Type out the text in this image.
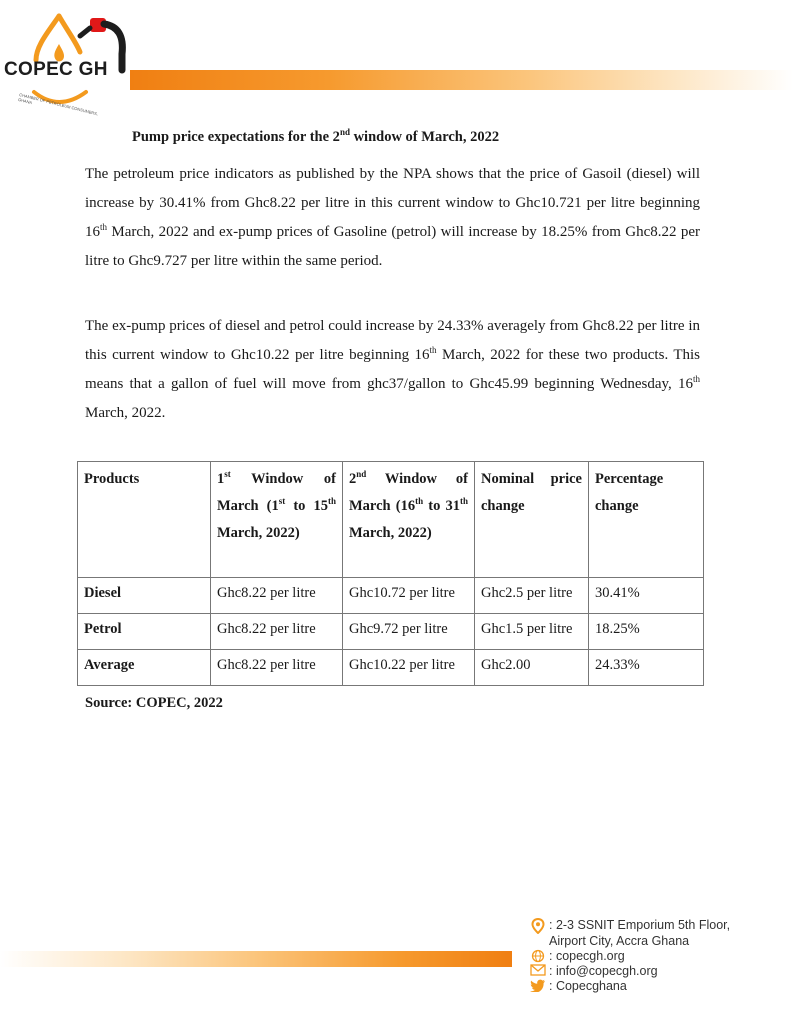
COPEC GH
CHAMBER OF PETROLEUM CONSUMERS, GHANA
Pump price expectations for the 2nd window of March, 2022

The petroleum price indicators as published by the NPA shows that the price of Gasoil (diesel) will increase by 30.41% from Ghc8.22 per litre in this current window to Ghc10.721 per litre beginning 16th March, 2022 and ex-pump prices of Gasoline (petrol) will increase by 18.25% from Ghc8.22 per litre to Ghc9.727 per litre within the same period.

The ex-pump prices of diesel and petrol could increase by 24.33% averagely from Ghc8.22 per litre in this current window to Ghc10.22 per litre beginning 16th March, 2022 for these two products. This means that a gallon of fuel will move from ghc37/gallon to Ghc45.99 beginning Wednesday, 16th March, 2022.

Products	1st Window of March (1st to 15th March, 2022)	2nd Window of March (16th to 31th March, 2022)	Nominal price change	Percentage change
Diesel	Ghc8.22 per litre	Ghc10.72 per litre	Ghc2.5 per litre	30.41%
Petrol	Ghc8.22 per litre	Ghc9.72 per litre	Ghc1.5 per litre	18.25%
Average	Ghc8.22 per litre	Ghc10.22 per litre	Ghc2.00	24.33%
Source: COPEC, 2022
: 2-3 SSNIT Emporium 5th Floor,
Airport City, Accra Ghana
: copecgh.org
: info@copecgh.org
: Copecghana
